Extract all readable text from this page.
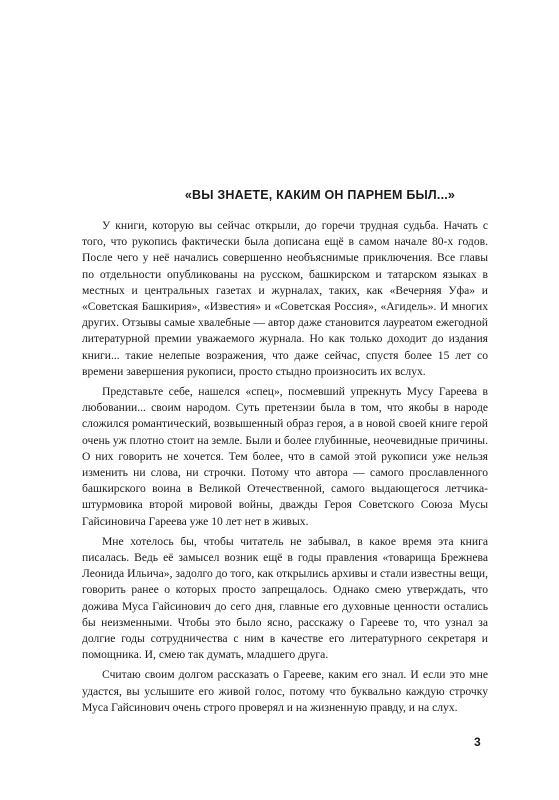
«ВЫ ЗНАЕТЕ, КАКИМ ОН ПАРНЕМ БЫЛ...»

У книги, которую вы сейчас открыли, до горечи трудная судьба. Начать с того, что рукопись фактически была дописана ещё в самом начале 80-х годов. После чего у неё начались совершенно необъяснимые приключения. Все главы по отдельности опубликованы на русском, башкирском и татарском языках в местных и центральных газетах и журналах, таких, как «Вечерняя Уфа» и «Советская Башкирия», «Известия» и «Советская Россия», «Агидель». И многих других. Отзывы самые хвалебные — автор даже становится лауреатом ежегодной литературной премии уважаемого журнала. Но как только доходит до издания книги... такие нелепые возражения, что даже сейчас, спустя более 15 лет со времени завершения рукописи, просто стыдно произносить их вслух.

Представьте себе, нашелся «спец», посмевший упрекнуть Мусу Гареева в любовании... своим народом. Суть претензии была в том, что якобы в народе сложился романтический, возвышенный образ героя, а в новой своей книге герой очень уж плотно стоит на земле. Были и более глубинные, неочевидные причины. О них говорить не хочется. Тем более, что в самой этой рукописи уже нельзя изменить ни слова, ни строчки. Потому что автора — самого прославленного башкирского воина в Великой Отечественной, самого выдающегося летчика-штурмовика второй мировой войны, дважды Героя Советского Союза Мусы Гайсиновича Гареева уже 10 лет нет в живых.

Мне хотелось бы, чтобы читатель не забывал, в какое время эта книга писалась. Ведь её замысел возник ещё в годы правления «товарища Брежнева Леонида Ильича», задолго до того, как открылись архивы и стали известны вещи, говорить ранее о которых просто запрещалось. Однако смею утверждать, что дожива Муса Гайсинович до сего дня, главные его духовные ценности остались бы неизменными. Чтобы это было ясно, расскажу о Гарееве то, что узнал за долгие годы сотрудничества с ним в качестве его литературного секретаря и помощника. И, смею так думать, младшего друга.

Считаю своим долгом рассказать о Гарееве, каким его знал. И если это мне удастся, вы услышите его живой голос, потому что буквально каждую строчку Муса Гайсинович очень строго проверял и на жизненную правду, и на слух.

3
